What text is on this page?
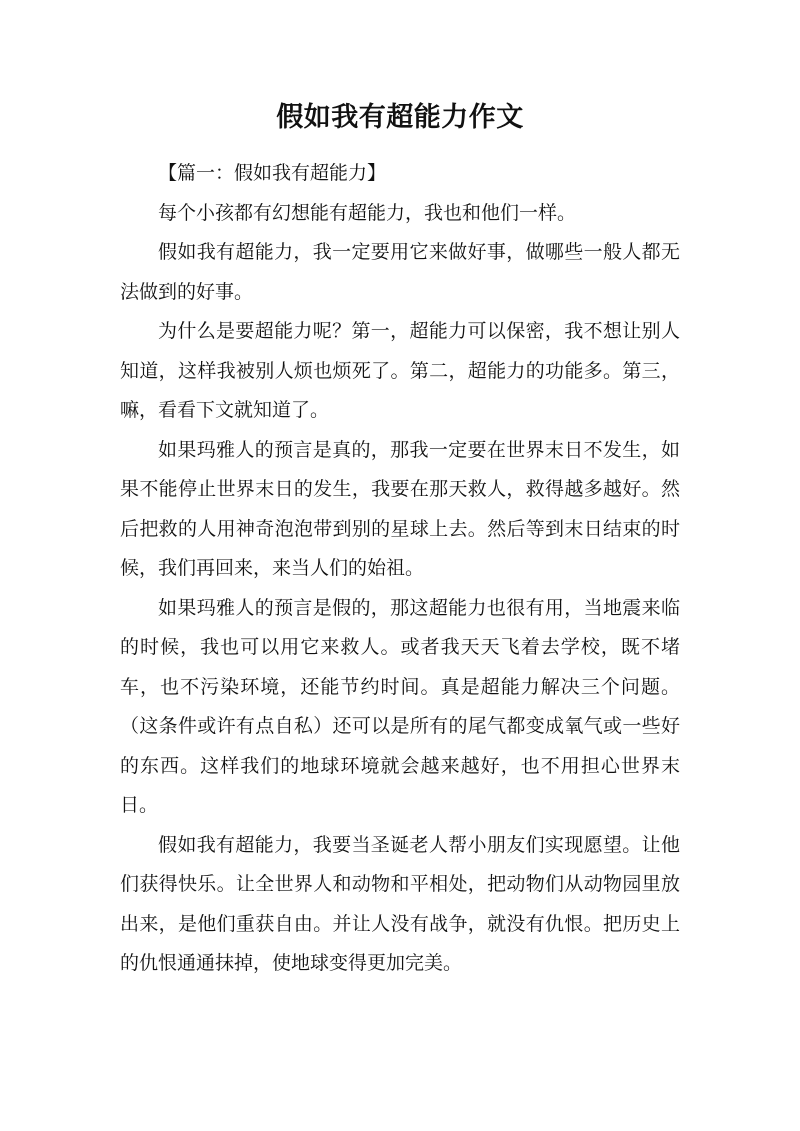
假如我有超能力作文

【篇一：假如我有超能力】

每个小孩都有幻想能有超能力，我也和他们一样。

假如我有超能力，我一定要用它来做好事，做哪些一般人都无法做到的好事。

为什么是要超能力呢？第一，超能力可以保密，我不想让别人知道，这样我被别人烦也烦死了。第二，超能力的功能多。第三，嘛，看看下文就知道了。

如果玛雅人的预言是真的，那我一定要在世界末日不发生，如果不能停止世界末日的发生，我要在那天救人，救得越多越好。然后把救的人用神奇泡泡带到别的星球上去。然后等到末日结束的时候，我们再回来，来当人们的始祖。

如果玛雅人的预言是假的，那这超能力也很有用，当地震来临的时候，我也可以用它来救人。或者我天天飞着去学校，既不堵车，也不污染环境，还能节约时间。真是超能力解决三个问题。（这条件或许有点自私）还可以是所有的尾气都变成氧气或一些好的东西。这样我们的地球环境就会越来越好，也不用担心世界末日。

假如我有超能力，我要当圣诞老人帮小朋友们实现愿望。让他们获得快乐。让全世界人和动物和平相处，把动物们从动物园里放出来，是他们重获自由。并让人没有战争，就没有仇恨。把历史上的仇恨通通抹掉，使地球变得更加完美。
